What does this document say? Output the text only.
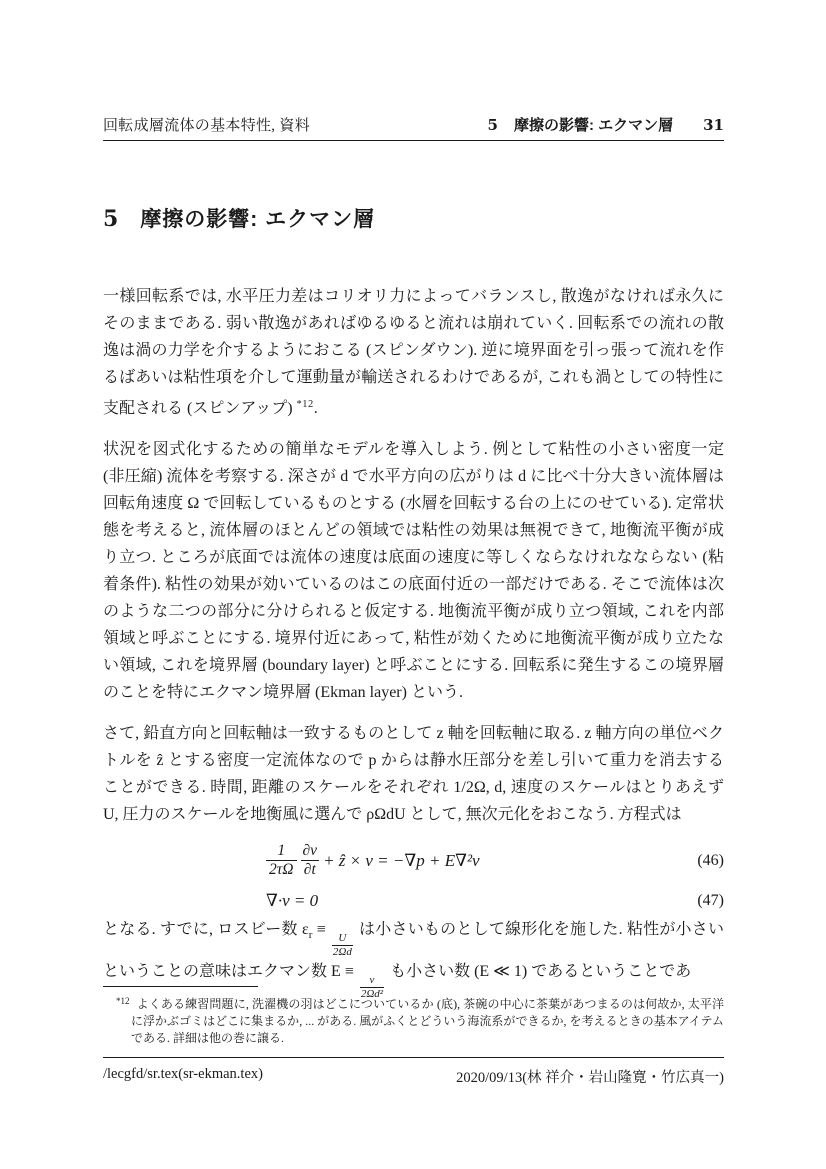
回転成層流体の基本特性, 資料	5 摩擦の影響: エクマン層 31
5 摩擦の影響: エクマン層

一様回転系では, 水平圧力差はコリオリ力によってバランスし, 散逸がなければ永久にそのままである. 弱い散逸があればゆるゆると流れは崩れていく. 回転系での流れの散逸は渦の力学を介するようにおこる (スピンダウン). 逆に境界面を引っ張って流れを作るばあいは粘性項を介して運動量が輸送されるわけであるが, これも渦としての特性に支配される (スピンアップ) $^{*12}$.

状況を図式化するための簡単なモデルを導入しよう. 例として粘性の小さい密度一定 (非圧縮) 流体を考察する. 深さが d で水平方向の広がりは d に比べ十分大きい流体層は回転角速度 Ω で回転しているものとする (水層を回転する台の上にのせている). 定常状態を考えると, 流体層のほとんどの領域では粘性の効果は無視できて, 地衡流平衡が成り立つ. ところが底面では流体の速度は底面の速度に等しくならなけれなならない (粘着条件). 粘性の効果が効いているのはこの底面付近の一部だけである. そこで流体は次のような二つの部分に分けられると仮定する. 地衡流平衡が成り立つ領域, これを内部領域と呼ぶことにする. 境界付近にあって, 粘性が効くために地衡流平衡が成り立たない領域, これを境界層 (boundary layer) と呼ぶことにする. 回転系に発生するこの境界層のことを特にエクマン境界層 (Ekman layer) という.

さて, 鉛直方向と回転軸は一致するものとして z 軸を回転軸に取る. z 軸方向の単位ベクトルを ẑ とする密度一定流体なので p からは静水圧部分を差し引いて重力を消去することができる. 時間, 距離のスケールをそれぞれ 1/2Ω, d, 速度のスケールはとりあえず U, 圧力のスケールを地衡風に選んで ρΩdU として, 無次元化をおこなう. 方程式は

$\frac{1}{2\tau\Omega} \frac{\partial v}{\partial t}$ + ẑ × v = −∇p + E∇²v	(46)
∇·v = 0	(47)

となる. すでに, ロスビー数 $\varepsilon_r$ ≡
$\frac{U}{2\Omega d}$
は小さいものとして線形化を施した. 粘性が小さいということの意味はエクマン数 E ≡
$\frac{\nu}{\text{2Ωd²}}$
も小さい数 (E ≪ 1) であるということであ

$^{*12}$ よくある練習問題に, 洗濯機の羽はどこについているか (底), 茶碗の中心に茶葉があつまるのは何故か, 太平洋に浮かぶゴミはどこに集まるか, ... がある. 風がふくとどういう海流系ができるか, を考えるときの基本アイテムである. 詳細は他の巻に譲る.
/lecgfd/sr.tex(sr-ekman.tex)	2020/09/13(林 祥介・岩山隆寛・竹広真一)
